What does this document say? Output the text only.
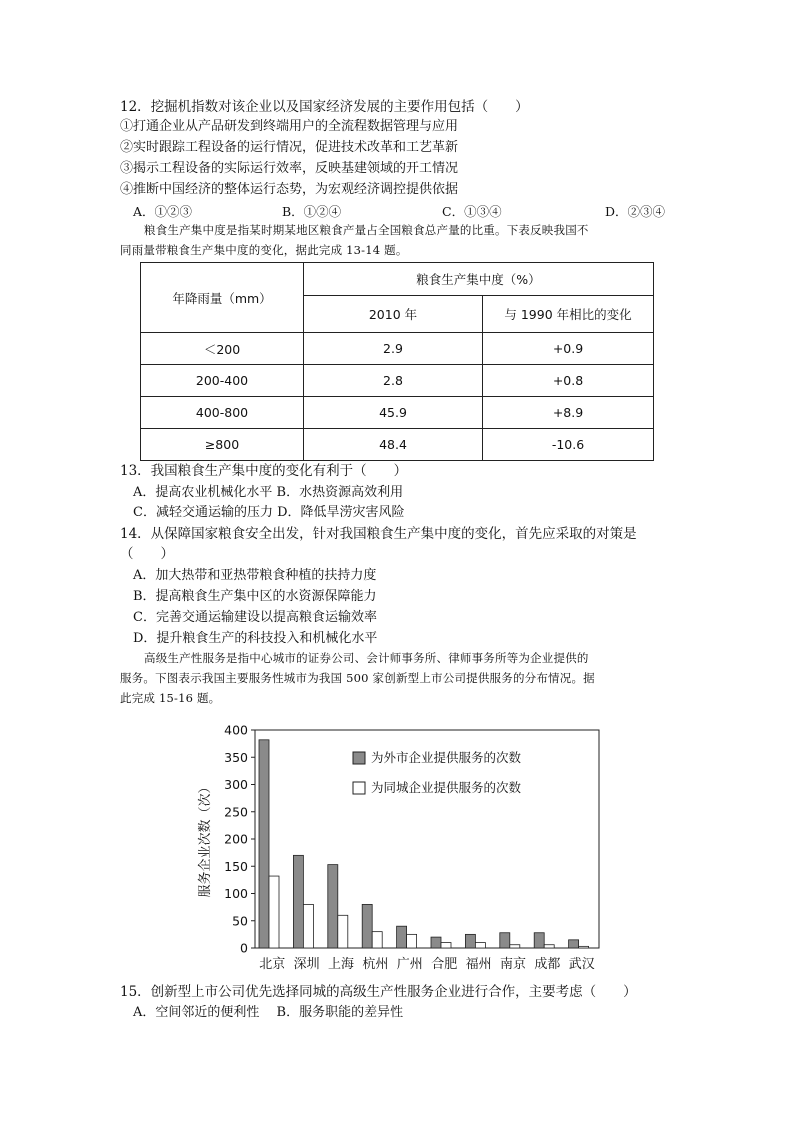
12．挖掘机指数对该企业以及国家经济发展的主要作用包括（　　）
①打通企业从产品研发到终端用户的全流程数据管理与应用
②实时跟踪工程设备的运行情况，促进技术改革和工艺革新
③揭示工程设备的实际运行效率，反映基建领域的开工情况
④推断中国经济的整体运行态势，为宏观经济调控提供依据
A．①②③	B．①②④	C．①③④	D．②③④
粮食生产集中度是指某时期某地区粮食产量占全国粮食总产量的比重。下表反映我国不
同雨量带粮食生产集中度的变化，据此完成 13-14 题。
年降雨量（mm）	粮食生产集中度（%）	
	2010 年	与 1990 年相比的变化
＜200	2.9	+0.9
200-400	2.8	+0.8
400-800	45.9	+8.9
≥800	48.4	-10.6
13．我国粮食生产集中度的变化有利于（　　）
A．提高农业机械化水平 B．水热资源高效利用
C．减轻交通运输的压力 D．降低旱涝灾害风险
14．从保障国家粮食安全出发，针对我国粮食生产集中度的变化，首先应采取的对策是
（　　）
A．加大热带和亚热带粮食种植的扶持力度
B．提高粮食生产集中区的水资源保障能力
C．完善交通运输建设以提高粮食运输效率
D．提升粮食生产的科技投入和机械化水平
高级生产性服务是指中心城市的证券公司、会计师事务所、律师事务所等为企业提供的
服务。下图表示我国主要服务性城市为我国 500 家创新型上市公司提供服务的分布情况。据
此完成 15-16 题。
0
50
100
150
200
250
300
350
400
北京 深圳 上海 杭州 广州 合肥 福州 南京 成都 武汉
服务企业次数（次）
为外市企业提供服务的次数
为同城企业提供服务的次数
15．创新型上市公司优先选择同城的高级生产性服务企业进行合作，主要考虑（　　）
A．空间邻近的便利性　 B．服务职能的差异性
